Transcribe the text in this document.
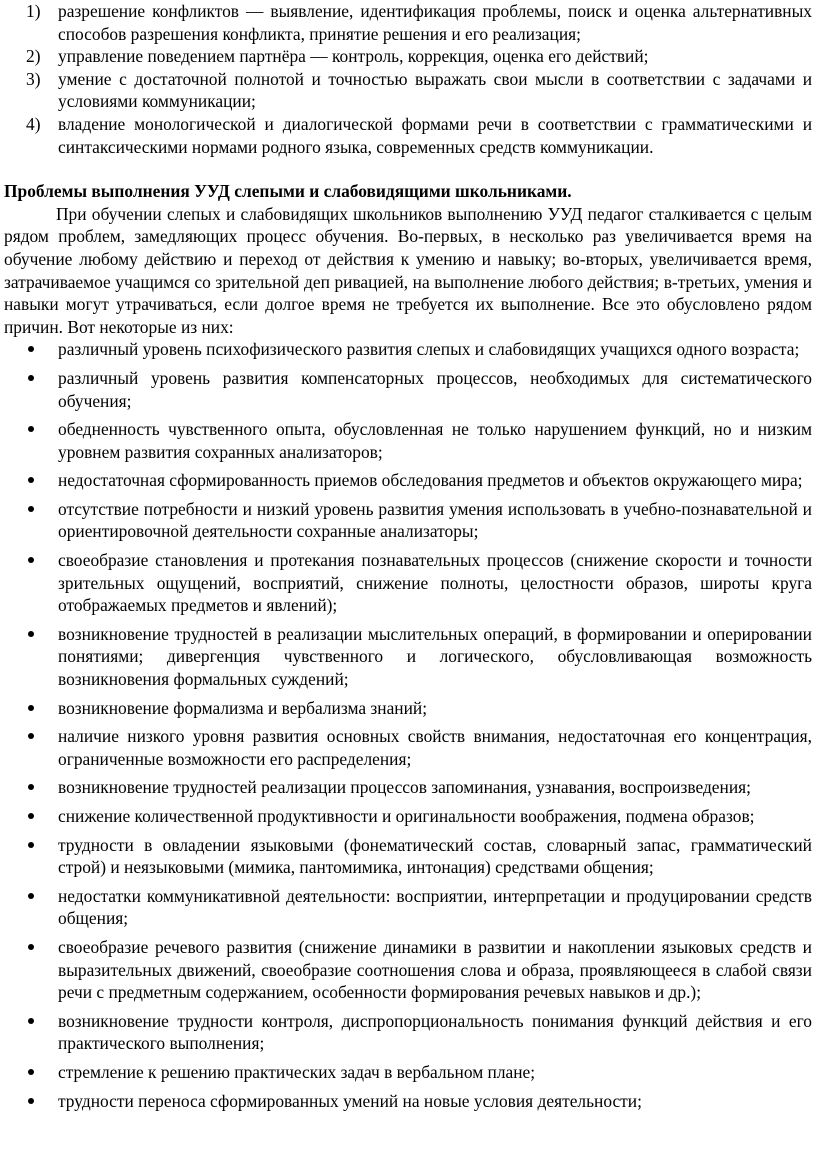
1) разрешение конфликтов — выявление, идентификация проблемы, поиск и оценка альтернативных способов разрешения конфликта, принятие решения и его реализация;
2) управление поведением партнёра — контроль, коррекция, оценка его действий;
3) умение с достаточной полнотой и точностью выражать свои мысли в соответствии с задачами и условиями коммуникации;
4) владение монологической и диалогической формами речи в соответствии с грамматическими и синтаксическими нормами родного языка, современных средств коммуникации.

Проблемы выполнения УУД слепыми и слабовидящими школьниками.

При обучении слепых и слабовидящих школьников выполнению УУД педагог сталкивается с целым рядом проблем, замедляющих процесс обучения. Во-первых, в несколько раз увеличивается время на обучение любому действию и переход от действия к умению и навыку; во-вторых, увеличивается время, затрачиваемое учащимся со зрительной деп ривацией, на выполнение любого действия; в-третьих, умения и навыки могут утрачиваться, если долгое время не требуется их выполнение. Все это обусловлено рядом причин. Вот некоторые из них:

различный уровень психофизического развития слепых и слабовидящих учащихся одного возраста;
различный уровень развития компенсаторных процессов, необходимых для систематического обучения;
обедненность чувственного опыта, обусловленная не только нарушением функций, но и низким уровнем развития сохранных анализаторов;
недостаточная сформированность приемов обследования предметов и объектов окружающего мира;
отсутствие потребности и низкий уровень развития умения использовать в учебно-познавательной и ориентировочной деятельности сохранные анализаторы;
своеобразие становления и протекания познавательных процессов (снижение скорости и точности зрительных ощущений, восприятий, снижение полноты, целостности образов, широты круга отображаемых предметов и явлений);
возникновение трудностей в реализации мыслительных операций, в формировании и оперировании понятиями; дивергенция чувственного и логического, обусловливающая возможность возникновения формальных суждений;
возникновение формализма и вербализма знаний;
наличие низкого уровня развития основных свойств внимания, недостаточная его концентрация, ограниченные возможности его распределения;
возникновение трудностей реализации процессов запоминания, узнавания, воспроизведения;
снижение количественной продуктивности и оригинальности воображения, подмена образов;
трудности в овладении языковыми (фонематический состав, словарный запас, грамматический строй) и неязыковыми (мимика, пантомимика, интонация) средствами общения;
недостатки коммуникативной деятельности: восприятии, интерпретации и продуцировании средств общения;
своеобразие речевого развития (снижение динамики в развитии и накоплении языковых средств и выразительных движений, своеобразие соотношения слова и образа, проявляющееся в слабой связи речи с предметным содержанием, особенности формирования речевых навыков и др.);
возникновение трудности контроля, диспропорциональность понимания функций действия и его практического выполнения;
стремление к решению практических задач в вербальном плане;
трудности переноса сформированных умений на новые условия деятельности;
